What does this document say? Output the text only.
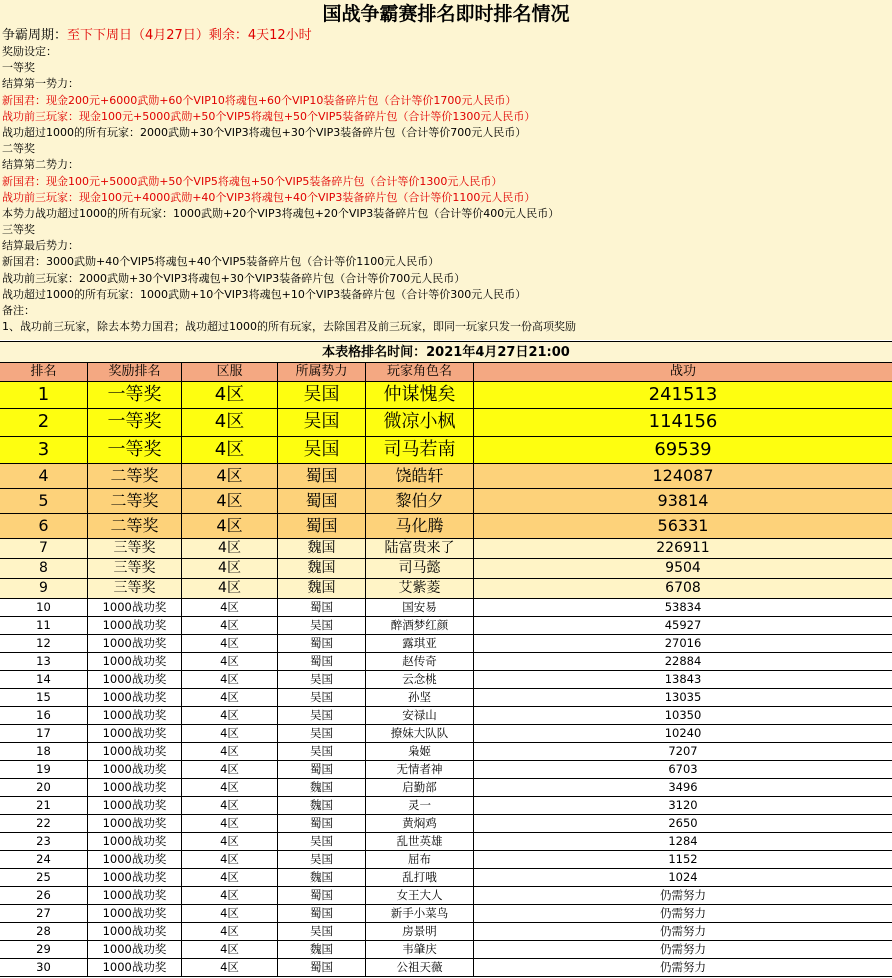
国战争霸赛排名即时排名情况
争霸周期：至下下周日（4月27日）剩余：4天12小时
奖励设定：
一等奖
结算第一势力：
新国君：现金200元+6000武勋+60个VIP10将魂包+60个VIP10装备碎片包（合计等价1700元人民币）
战功前三玩家：现金100元+5000武勋+50个VIP5将魂包+50个VIP5装备碎片包（合计等价1300元人民币）
战功超过1000的所有玩家：2000武勋+30个VIP3将魂包+30个VIP3装备碎片包（合计等价700元人民币）
二等奖
结算第二势力：
新国君：现金100元+5000武勋+50个VIP5将魂包+50个VIP5装备碎片包（合计等价1300元人民币）
战功前三玩家：现金100元+4000武勋+40个VIP3将魂包+40个VIP3装备碎片包（合计等价1100元人民币）
本势力战功超过1000的所有玩家：1000武勋+20个VIP3将魂包+20个VIP3装备碎片包（合计等价400元人民币）
三等奖
结算最后势力：
新国君：3000武勋+40个VIP5将魂包+40个VIP5装备碎片包（合计等价1100元人民币）
战功前三玩家：2000武勋+30个VIP3将魂包+30个VIP3装备碎片包（合计等价700元人民币）
战功超过1000的所有玩家：1000武勋+10个VIP3将魂包+10个VIP3装备碎片包（合计等价300元人民币）
备注：
1、战功前三玩家，除去本势力国君；战功超过1000的所有玩家，去除国君及前三玩家，即同一玩家只发一份高项奖励
本表格排名时间：2021年4月27日21:00
排名	奖励排名	区服	所属势力	玩家角色名	战功
1	一等奖	4区	吴国	仲谋愧矣	241513
2	一等奖	4区	吴国	微凉小枫	114156
3	一等奖	4区	吴国	司马若南	69539
4	二等奖	4区	蜀国	饶皓轩	124087
5	二等奖	4区	蜀国	黎伯夕	93814
6	二等奖	4区	蜀国	马化腾	56331
7	三等奖	4区	魏国	陆富贵来了	226911
8	三等奖	4区	魏国	司马懿	9504
9	三等奖	4区	魏国	艾紫菱	6708
10	1000战功奖	4区	蜀国	国安易	53834
11	1000战功奖	4区	吴国	醉酒梦红颜	45927
12	1000战功奖	4区	蜀国	露琪亚	27016
13	1000战功奖	4区	蜀国	赵传奇	22884
14	1000战功奖	4区	吴国	云念桃	13843
15	1000战功奖	4区	吴国	孙坚	13035
16	1000战功奖	4区	吴国	安禄山	10350
17	1000战功奖	4区	吴国	撩妹大队队	10240
18	1000战功奖	4区	吴国	枭姬	7207
19	1000战功奖	4区	蜀国	无情者神	6703
20	1000战功奖	4区	魏国	启勤部	3496
21	1000战功奖	4区	魏国	灵一	3120
22	1000战功奖	4区	蜀国	黄焖鸡	2650
23	1000战功奖	4区	吴国	乱世英雄	1284
24	1000战功奖	4区	吴国	屈布	1152
25	1000战功奖	4区	魏国	乱打哦	1024
26	1000战功奖	4区	蜀国	女王大人	仍需努力
27	1000战功奖	4区	蜀国	新手小菜鸟	仍需努力
28	1000战功奖	4区	吴国	房景明	仍需努力
29	1000战功奖	4区	魏国	韦肇庆	仍需努力
30	1000战功奖	4区	蜀国	公祖天薇	仍需努力
